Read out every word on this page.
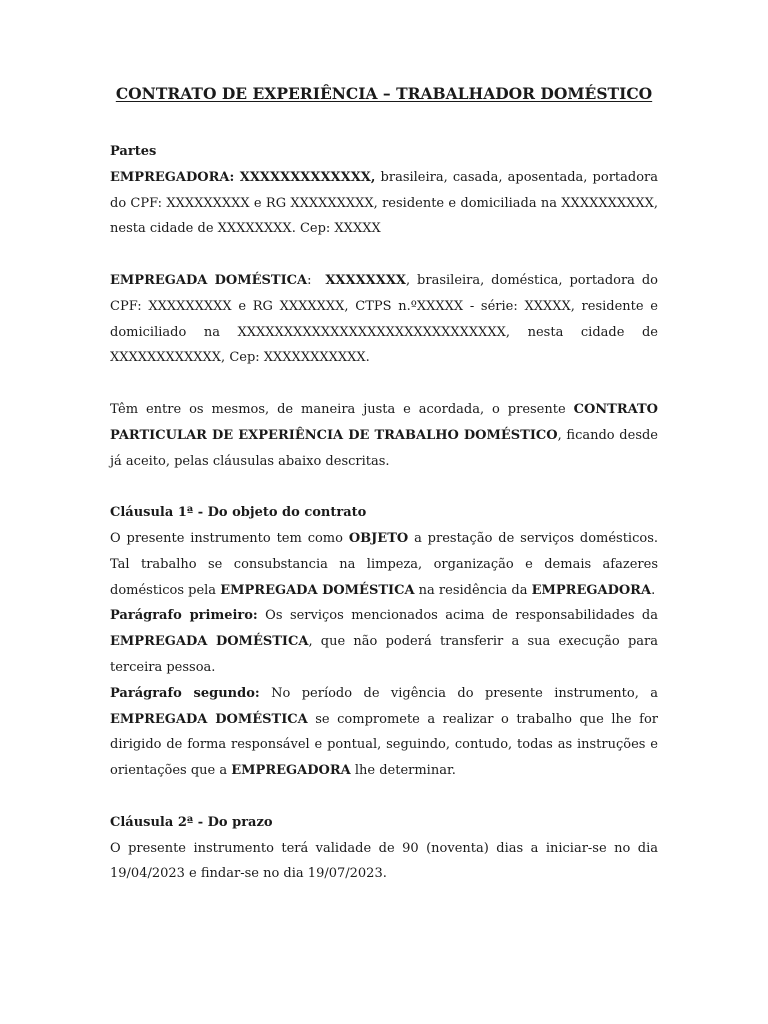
CONTRATO DE EXPERIÊNCIA – TRABALHADOR DOMÉSTICO

Partes

EMPREGADORA: XXXXXXXXXXXXX, brasileira, casada, aposentada, portadora do CPF: XXXXXXXXX e RG XXXXXXXXX, residente e domiciliada na XXXXXXXXXX, nesta cidade de XXXXXXXX. Cep: XXXXX

EMPREGADA DOMÉSTICA:  XXXXXXXX, brasileira, doméstica, portadora do CPF: XXXXXXXXX e RG XXXXXXX, CTPS n.ºXXXXX - série: XXXXX, residente e domiciliado na XXXXXXXXXXXXXXXXXXXXXXXXXXXXX, nesta cidade de XXXXXXXXXXXX, Cep: XXXXXXXXXXX.

Têm entre os mesmos, de maneira justa e acordada, o presente CONTRATO PARTICULAR DE EXPERIÊNCIA DE TRABALHO DOMÉSTICO, ficando desde já aceito, pelas cláusulas abaixo descritas.

Cláusula 1ª - Do objeto do contrato

O presente instrumento tem como OBJETO a prestação de serviços domésticos. Tal trabalho se consubstancia na limpeza, organização e demais afazeres domésticos pela EMPREGADA DOMÉSTICA na residência da EMPREGADORA.

Parágrafo primeiro: Os serviços mencionados acima de responsabilidades da EMPREGADA DOMÉSTICA, que não poderá transferir a sua execução para terceira pessoa.

Parágrafo segundo: No período de vigência do presente instrumento, a EMPREGADA DOMÉSTICA se compromete a realizar o trabalho que lhe for dirigido de forma responsável e pontual, seguindo, contudo, todas as instruções e orientações que a EMPREGADORA lhe determinar.

Cláusula 2ª - Do prazo

O presente instrumento terá validade de 90 (noventa) dias a iniciar-se no dia 19/04/2023 e findar-se no dia 19/07/2023.
